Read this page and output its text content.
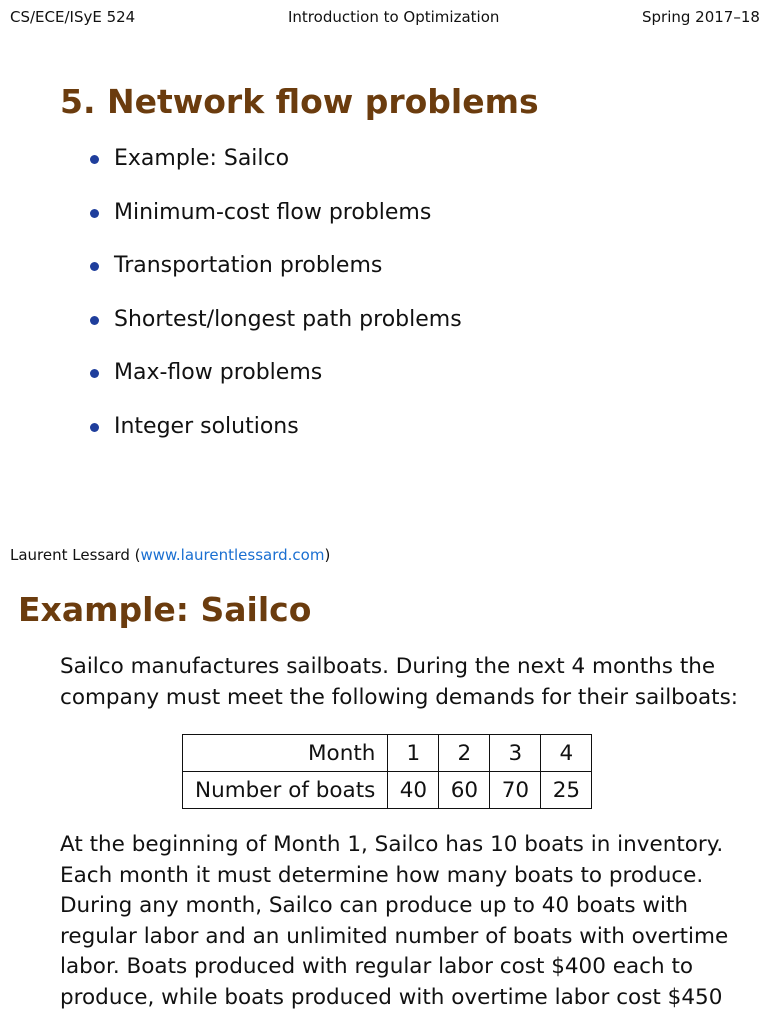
CS/ECE/ISyE 524	Introduction to Optimization	Spring 2017–18
5. Network flow problems
Example: Sailco
Minimum-cost flow problems
Transportation problems
Shortest/longest path problems
Max-flow problems
Integer solutions
Laurent Lessard (www.laurentlessard.com)
Example: Sailco
Sailco manufactures sailboats. During the next 4 months the company must meet the following demands for their sailboats:
Month	1	2	3	4
Number of boats	40	60	70	25
At the beginning of Month 1, Sailco has 10 boats in inventory. Each month it must determine how many boats to produce. During any month, Sailco can produce up to 40 boats with regular labor and an unlimited number of boats with overtime labor. Boats produced with regular labor cost $400 each to produce, while boats produced with overtime labor cost $450
